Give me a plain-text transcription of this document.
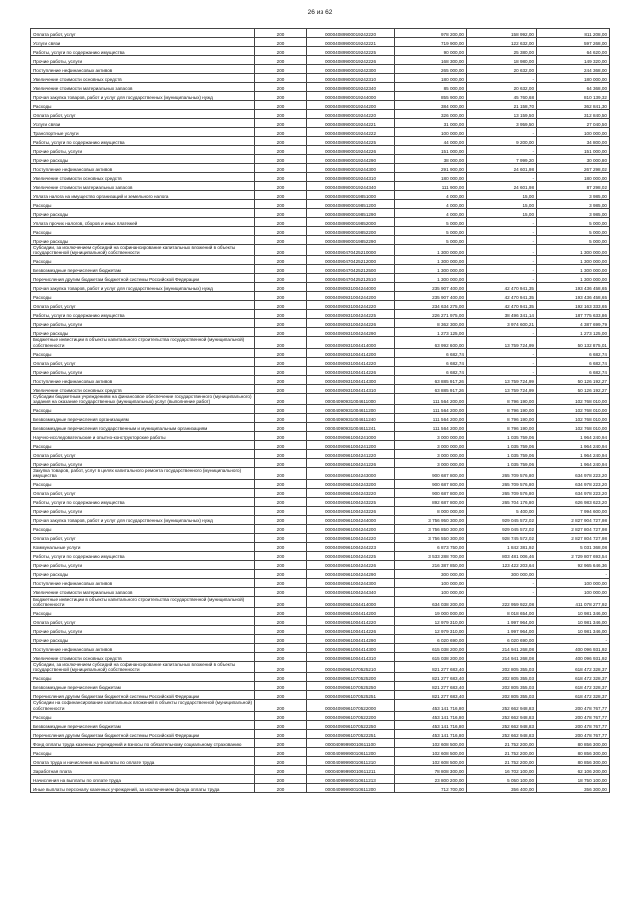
26 из 62
Оплата работ, услуг	200	00004089900019242220	978 200,00	158 992,00	811 208,00
Услуги связи	200	00004089900019242221	719 900,00	122 632,00	597 268,00
Работы, услуги по содержанию имущества	200	00004089900019242225	90 000,00	25 380,00	64 620,00
Прочие работы, услуги	200	00004089900019242226	168 300,00	18 980,00	149 320,00
Поступление нефинансовых активов	200	00004089900019242300	265 000,00	20 632,00	244 368,00
Увеличение стоимости основных средств	200	00004089900019242310	180 000,00	-	180 000,00
Увеличение стоимости материальных запасов	200	00004089900019242340	85 000,00	20 632,00	64 368,00
Прочая закупка товаров, работ и услуг для государственных (муниципальных) нужд	200	00004089900019244000	855 900,00	45 760,68	810 139,32
Расходы	200	00004089900019244200	384 000,00	21 158,70	362 841,30
Оплата работ, услуг	200	00004089900019244220	326 000,00	13 159,50	312 840,50
Услуги связи	200	00004089900019244221	31 000,00	3 959,50	27 040,50
Транспортные услуги	200	00004089900019244222	100 000,00	-	100 000,00
Работы, услуги по содержанию имущества	200	00004089900019244225	44 000,00	9 200,00	34 800,00
Прочие работы, услуги	200	00004089900019244226	151 000,00	-	151 000,00
Прочие расходы	200	00004089900019244290	38 000,00	7 999,20	30 000,80
Поступление нефинансовых активов	200	00004089900019244300	291 900,00	24 601,98	267 298,02
Увеличение стоимости основных средств	200	00004089900019244310	180 000,00	-	180 000,00
Увеличение стоимости материальных запасов	200	00004089900019244340	111 900,00	24 601,98	87 298,02
Уплата налога на имущество организаций и земельного налога	200	00004089900019851000	4 000,00	15,00	3 985,00
Расходы	200	00004089900019851200	4 000,00	15,00	3 985,00
Прочие расходы	200	00004089900019851290	4 000,00	15,00	3 985,00
Уплата прочих налогов, сборов и иных платежей	200	00004089900019852000	5 000,00	-	5 000,00
Расходы	200	00004089900019852200	5 000,00	-	5 000,00
Прочие расходы	200	00004089900019852290	5 000,00	-	5 000,00
Субсидии, за исключением субсидий на софинансирование капитальных вложений в объекты государственной (муниципальной) собственности	200	00004090470425210000	1 300 000,00	-	1 300 000,00
Расходы	200	00004090470425212000	1 300 000,00	-	1 300 000,00
Безвозмездные перечисления бюджетам	200	00004090470425212500	1 300 000,00	-	1 300 000,00
Перечисления другим бюджетам бюджетной системы Российской Федерации	200	00004090470425212510	1 300 000,00	-	1 300 000,00
Прочая закупка товаров, работ и услуг для государственных (муниципальных) нужд	200	00004090931004244000	235 907 400,00	42 470 941,35	193 436 458,65
Расходы	200	00004090931004244200	235 907 400,00	42 470 941,35	193 436 458,65
Оплата работ, услуг	200	00004090931004244220	234 634 275,00	42 470 941,35	192 163 333,65
Работы, услуги по содержанию имущества	200	00004090931004244225	226 271 975,00	38 496 341,14	187 775 633,86
Прочие работы, услуги	200	00004090931004244226	8 362 300,00	3 974 600,21	4 387 699,79
Прочие расходы	200	00004090931004244290	1 273 125,00	-	1 273 125,00
Бюджетные инвестиции в объекты капитального строительства государственной (муниципальной) собственности	200	00004090931004414000	63 992 600,00	13 759 724,99	50 132 875,01
Расходы	200	00004090931004414200	6 682,74	-	6 682,74
Оплата работ, услуг	200	00004090931004414220	6 682,74	-	6 682,74
Прочие работы, услуги	200	00004090931004414226	6 682,74	-	6 682,74
Поступление нефинансовых активов	200	00004090931004414300	63 885 917,26	13 759 724,99	50 126 192,27
Увеличение стоимости основных средств	200	00004090931004414310	63 885 917,26	13 759 724,99	50 126 192,27
Субсидии бюджетным учреждениям на финансовое обеспечение государственного (муниципального) задания на оказание государственных (муниципальных) услуг (выполнение работ)	200	00004090931004611000	111 564 200,00	8 796 190,00	102 768 010,00
Расходы	200	00004090931004611200	111 564 200,00	8 796 190,00	102 768 010,00
Безвозмездные перечисления организациям	200	00004090931004611240	111 564 200,00	8 796 190,00	102 768 010,00
Безвозмездные перечисления государственным и муниципальным организациям	200	00004090931004611241	111 564 200,00	8 796 190,00	102 768 010,00
Научно-исследовательские и опытно-конструкторские работы	200	00004090961004241000	3 000 000,00	1 035 759,06	1 964 240,94
Расходы	200	00004090961004241200	3 000 000,00	1 035 759,06	1 964 240,94
Оплата работ, услуг	200	00004090961004241220	3 000 000,00	1 035 759,06	1 964 240,94
Прочие работы, услуги	200	00004090961004241226	3 000 000,00	1 035 759,06	1 964 240,94
Закупка товаров, работ, услуг в целях капитального ремонта государственного (муниципального) имущества	200	00004090961004243000	900 687 800,00	265 709 576,80	634 978 223,20
Расходы	200	00004090961004243200	900 687 800,00	265 709 576,80	634 978 223,20
Оплата работ, услуг	200	00004090961004243220	900 687 800,00	265 709 576,80	634 978 223,20
Работы, услуги по содержанию имущества	200	00004090961004243225	892 687 800,00	265 704 176,80	626 983 623,20
Прочие работы, услуги	200	00004090961004243226	8 000 000,00	5 400,00	7 994 600,00
Прочая закупка товаров, работ и услуг для государственных (муниципальных) нужд	200	00004090961004244000	3 756 950 300,00	929 045 572,02	2 827 904 727,98
Расходы	200	00004090961004244200	3 756 850 300,00	929 045 572,02	2 827 804 727,98
Оплата работ, услуг	200	00004090961004244220	3 756 550 300,00	928 745 572,02	2 827 804 727,98
Коммунальные услуги	200	00004090961004244223	6 873 750,00	1 842 381,92	5 031 368,08
Работы, услуги по содержанию имущества	200	00004090961004244225	3 533 288 700,00	803 481 006,46	2 729 807 693,54
Прочие работы, услуги	200	00004090961004244226	216 387 850,00	123 422 203,64	92 965 646,36
Прочие расходы	200	00004090961004244290	300 000,00	300 000,00	-
Поступление нефинансовых активов	200	00004090961004244300	100 000,00	-	100 000,00
Увеличение стоимости материальных запасов	200	00004090961004244340	100 000,00	-	100 000,00
Бюджетные инвестиции в объекты капитального строительства государственной (муниципальной) собственности	200	00004090961004414000	634 038 200,00	222 959 922,08	411 078 277,92
Расходы	200	00004090961004414200	19 000 000,00	8 018 654,00	10 981 346,00
Оплата работ, услуг	200	00004090961004414220	12 979 310,00	1 997 964,00	10 981 346,00
Прочие работы, услуги	200	00004090961004414226	12 979 310,00	1 997 964,00	10 981 346,00
Прочие расходы	200	00004090961004414290	6 020 690,00	6 020 690,00	-
Поступление нефинансовых активов	200	00004090961004414300	615 038 200,00	214 941 268,08	400 096 931,92
Увеличение стоимости основных средств	200	00004090961004414310	615 038 200,00	214 941 268,08	400 096 931,92
Субсидии, за исключением субсидий на софинансирование капитальных вложений в объекты государственной (муниципальной) собственности	200	00004090961070525210	821 277 683,40	202 805 355,03	618 472 328,37
Расходы	200	00004090961070525200	821 277 683,40	202 805 355,03	618 472 328,37
Безвозмездные перечисления бюджетам	200	00004090961070525250	821 277 683,40	202 805 355,03	618 472 328,37
Перечисления другим бюджетам бюджетной системы Российской Федерации	200	00004090961070525251	821 277 683,40	202 805 355,03	618 472 328,37
Субсидии на софинансирование капитальных вложений в объекты государственной (муниципальной) собственности	200	00004090961070522000	453 141 716,80	252 662 948,83	200 478 767,77
Расходы	200	00004090961070522200	453 141 716,80	252 662 948,83	200 478 767,77
Безвозмездные перечисления бюджетам	200	00004090961070522250	453 141 716,80	252 662 948,83	200 478 767,77
Перечисления другим бюджетам бюджетной системы Российской Федерации	200	00004090961070522251	453 141 716,80	252 662 948,83	200 478 767,77
Фонд оплаты труда казенных учреждений и взносы по обязательному социальному страхованию	200	00004099990010611100	102 608 500,00	21 752 200,00	80 856 300,00
Расходы	200	00004099990010611200	102 608 500,00	21 752 200,00	80 856 300,00
Оплата труда и начисления на выплаты по оплате труда	200	00004099990010611210	102 608 500,00	21 752 200,00	80 856 300,00
Заработная плата	200	00004099990010611211	78 808 300,00	16 702 100,00	62 106 200,00
Начисления на выплаты по оплате труда	200	00004099990010611213	23 800 200,00	5 050 100,00	18 750 100,00
Иные выплаты персоналу казенных учреждений, за исключением фонда оплаты труда	200	00004099990010611200	712 700,00	356 400,00	356 300,00
